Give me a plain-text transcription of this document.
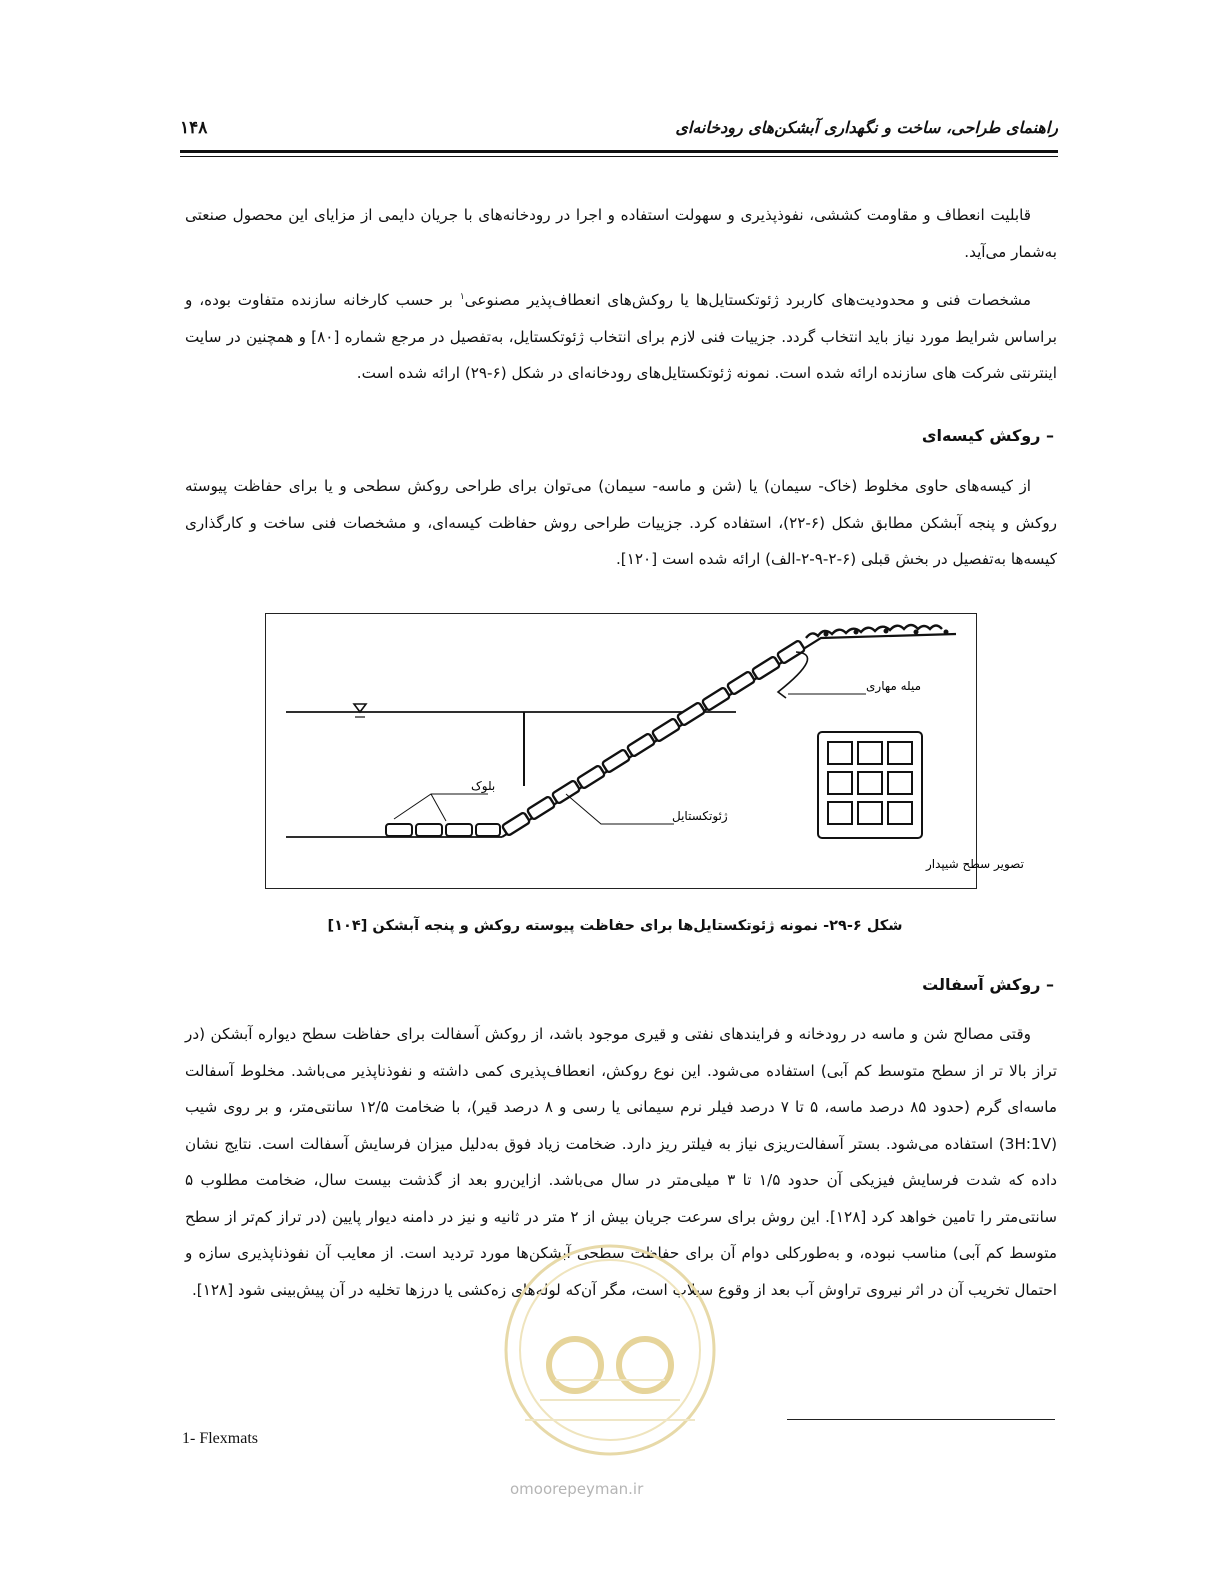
راهنمای طراحی، ساخت و نگهداری آبشکن‌های رودخانه‌ای
۱۴۸
قابلیت انعطاف و مقاومت کششی، نفوذپذیری و سهولت استفاده و اجرا در رودخانه‌های با جریان دایمی از مزایای این محصول صنعتی به‌شمار می‌آید.
مشخصات فنی و محدودیت‌های کاربرد ژئوتکستایل‌ها یا روکش‌های انعطاف‌پذیر مصنوعی$^۱$ بر حسب کارخانه سازنده متفاوت بوده، و براساس شرایط مورد نیاز باید انتخاب گردد. جزییات فنی لازم برای انتخاب ژئوتکستایل، به‌تفصیل در مرجع شماره [۸۰] و همچنین در سایت اینترنتی شرکت های سازنده ارائه شده است. نمونه ژئوتکستایل‌های رودخانه‌ای در شکل (۶-۲۹) ارائه شده است.
– روکش کیسه‌ای
از کیسه‌های حاوی مخلوط (خاک- سیمان) یا (شن و ماسه- سیمان) می‌توان برای طراحی روکش سطحی و یا برای حفاظت پیوسته روکش و پنجه آبشکن مطابق شکل (۶-۲۲)، استفاده کرد. جزییات طراحی روش حفاظت کیسه‌ای، و مشخصات فنی ساخت و کارگذاری کیسه‌ها به‌تفصیل در بخش قبلی (۶-۲-۹-۲-الف) ارائه شده است [۱۲۰].
میله مهاری
بلوک
ژئوتکستایل
تصویر سطح شیپدار
شکل ۶-۲۹- نمونه ژئوتکستایل‌ها برای حفاظت پیوسته روکش و پنجه آبشکن [۱۰۴]
– روکش آسفالت
وقتی مصالح شن و ماسه در رودخانه و فرایندهای نفتی و قیری موجود باشد، از روکش آسفالت برای حفاظت سطح دیواره آبشکن (در تراز بالا تر از سطح متوسط کم آبی) استفاده می‌شود. این نوع روکش، انعطاف‌پذیری کمی داشته و نفوذناپذیر می‌باشد. مخلوط آسفالت ماسه‌ای گرم (حدود ۸۵ درصد ماسه، ۵ تا ۷ درصد فیلر نرم سیمانی یا رسی و ۸ درصد قیر)، با ضخامت ۱۲/۵ سانتی‌متر، و بر روی شیب (3H:1V) استفاده می‌شود. بستر آسفالت‌ریزی نیاز به فیلتر ریز دارد. ضخامت زیاد فوق به‌دلیل میزان فرسایش آسفالت است. نتایج نشان داده که شدت فرسایش فیزیکی آن حدود ۱/۵ تا ۳ میلی‌متر در سال می‌باشد. ازاین‌رو بعد از گذشت بیست سال، ضخامت مطلوب ۵ سانتی‌متر را تامین خواهد کرد [۱۲۸]. این روش برای سرعت جریان بیش از ۲ متر در ثانیه و نیز در دامنه دیوار پایین (در تراز کم‌تر از سطح متوسط کم آبی) مناسب نبوده، و به‌طورکلی دوام آن برای حفاظت سطحی آبشکن‌ها مورد تردید است. از معایب آن نفوذناپذیری سازه و احتمال تخریب آن در اثر نیروی تراوش آب بعد از وقوع سیلاب است، مگر آن‌که لوله‌های زه‌کشی یا درزها تخلیه در آن پیش‌بینی شود [۱۲۸].
1- Flexmats
omoorepeyman.ir
